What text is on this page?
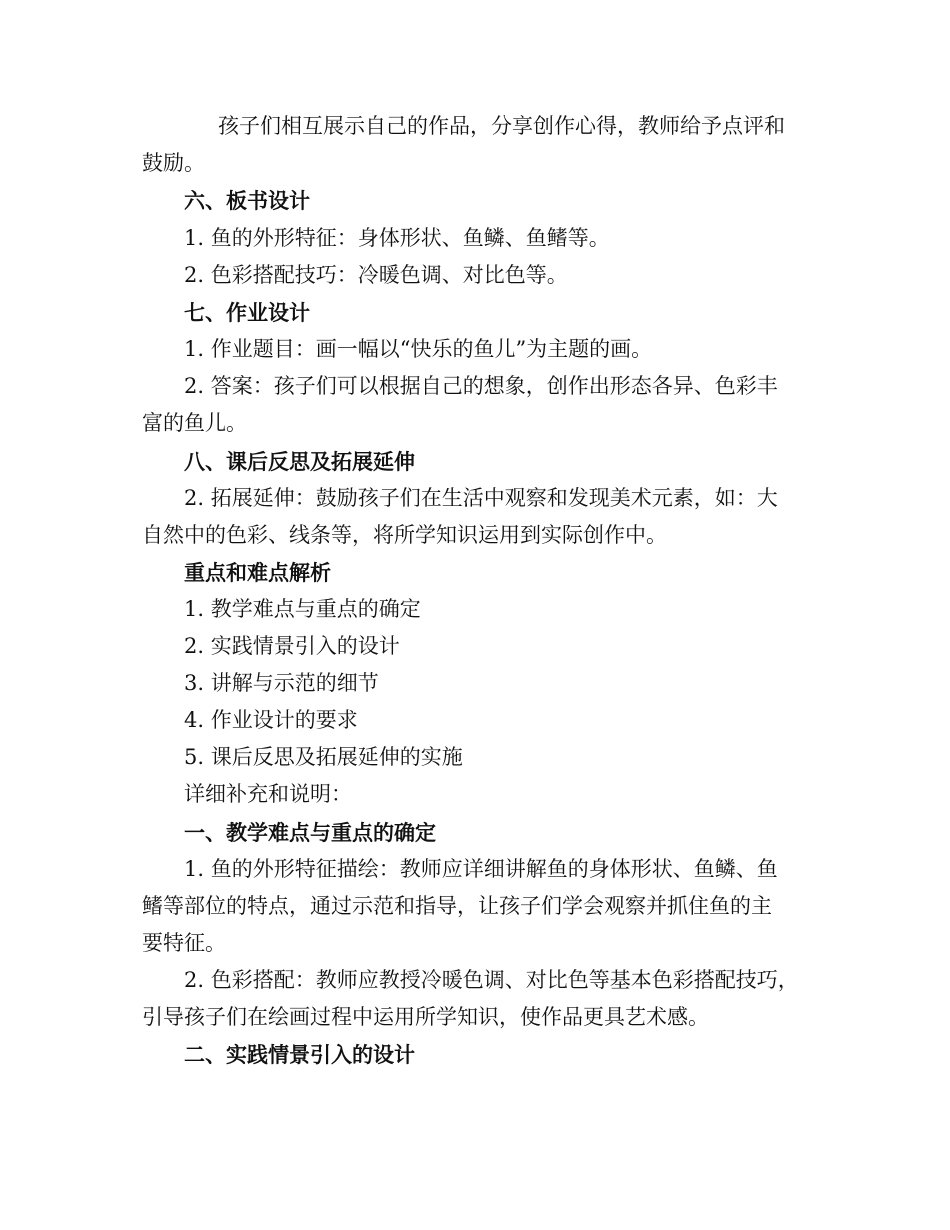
孩子们相互展示自己的作品，分享创作心得，教师给予点评和
鼓励。
六、板书设计
1. 鱼的外形特征：身体形状、鱼鳞、鱼鳍等。
2. 色彩搭配技巧：冷暖色调、对比色等。
七、作业设计
1. 作业题目：画一幅以“快乐的鱼儿”为主题的画。
2. 答案：孩子们可以根据自己的想象，创作出形态各异、色彩丰
富的鱼儿。
八、课后反思及拓展延伸
2. 拓展延伸：鼓励孩子们在生活中观察和发现美术元素，如：大
自然中的色彩、线条等，将所学知识运用到实际创作中。
重点和难点解析
1. 教学难点与重点的确定
2. 实践情景引入的设计
3. 讲解与示范的细节
4. 作业设计的要求
5. 课后反思及拓展延伸的实施
详细补充和说明：
一、教学难点与重点的确定
1. 鱼的外形特征描绘：教师应详细讲解鱼的身体形状、鱼鳞、鱼
鳍等部位的特点，通过示范和指导，让孩子们学会观察并抓住鱼的主
要特征。
2. 色彩搭配：教师应教授冷暖色调、对比色等基本色彩搭配技巧，
引导孩子们在绘画过程中运用所学知识，使作品更具艺术感。
二、实践情景引入的设计
